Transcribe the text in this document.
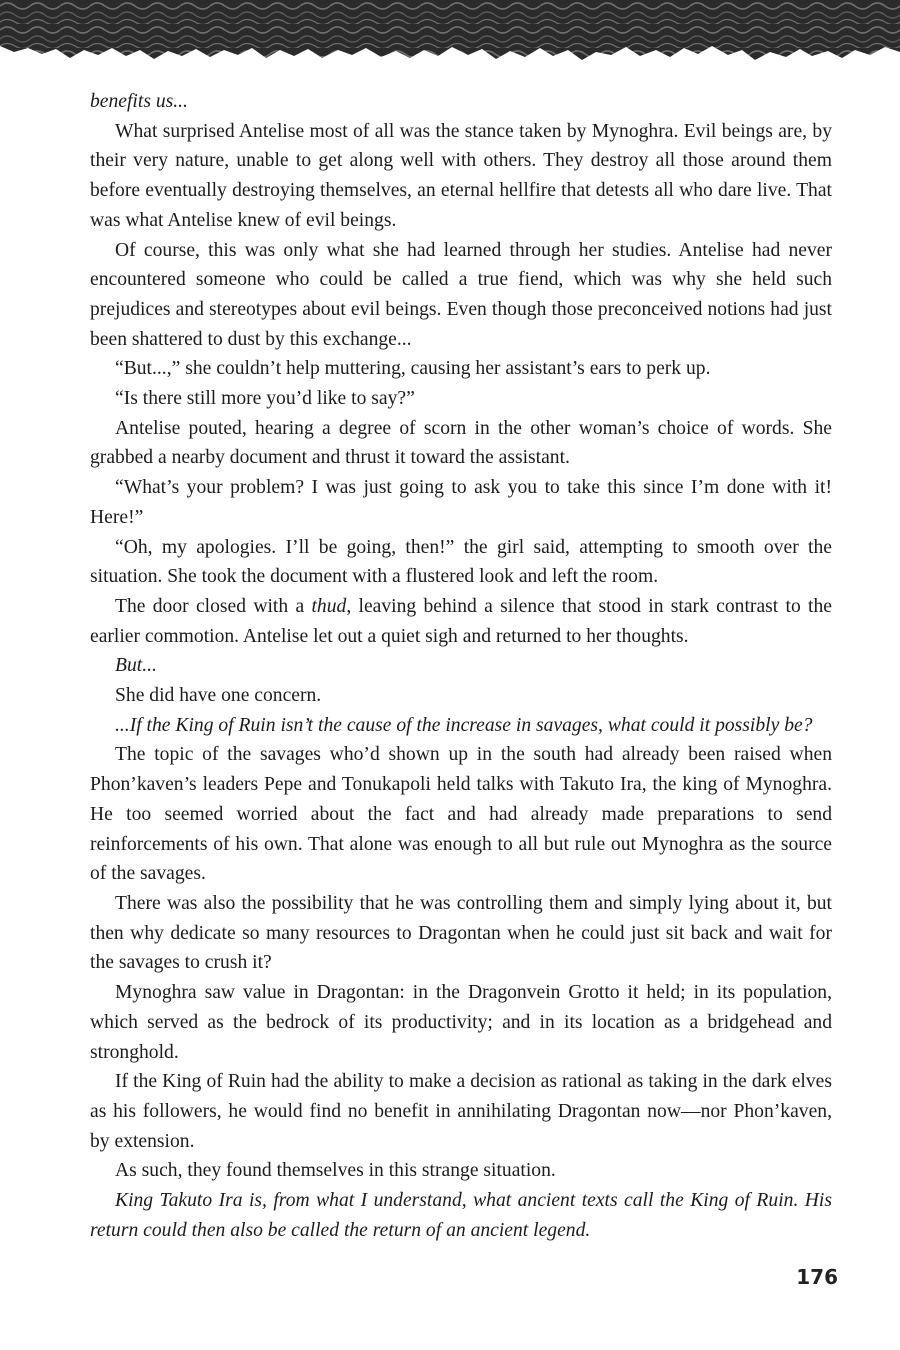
benefits us...

What surprised Antelise most of all was the stance taken by Mynoghra. Evil beings are, by their very nature, unable to get along well with others. They destroy all those around them before eventually destroying themselves, an eternal hellfire that detests all who dare live. That was what Antelise knew of evil beings.

Of course, this was only what she had learned through her studies. Antelise had never encountered someone who could be called a true fiend, which was why she held such prejudices and stereotypes about evil beings. Even though those preconceived notions had just been shattered to dust by this exchange...

“But...,” she couldn’t help muttering, causing her assistant’s ears to perk up.

“Is there still more you’d like to say?”

Antelise pouted, hearing a degree of scorn in the other woman’s choice of words. She grabbed a nearby document and thrust it toward the assistant.

“What’s your problem? I was just going to ask you to take this since I’m done with it! Here!”

“Oh, my apologies. I’ll be going, then!” the girl said, attempting to smooth over the situation. She took the document with a flustered look and left the room.

The door closed with a thud, leaving behind a silence that stood in stark contrast to the earlier commotion. Antelise let out a quiet sigh and returned to her thoughts.

But...

She did have one concern.

...If the King of Ruin isn’t the cause of the increase in savages, what could it possibly be?

The topic of the savages who’d shown up in the south had already been raised when Phon’kaven’s leaders Pepe and Tonukapoli held talks with Takuto Ira, the king of Mynoghra. He too seemed worried about the fact and had already made preparations to send reinforcements of his own. That alone was enough to all but rule out Mynoghra as the source of the savages.

There was also the possibility that he was controlling them and simply lying about it, but then why dedicate so many resources to Dragontan when he could just sit back and wait for the savages to crush it?

Mynoghra saw value in Dragontan: in the Dragonvein Grotto it held; in its population, which served as the bedrock of its productivity; and in its location as a bridgehead and stronghold.

If the King of Ruin had the ability to make a decision as rational as taking in the dark elves as his followers, he would find no benefit in annihilating Dragontan now—nor Phon’kaven, by extension.

As such, they found themselves in this strange situation.

King Takuto Ira is, from what I understand, what ancient texts call the King of Ruin. His return could then also be called the return of an ancient legend.

176
